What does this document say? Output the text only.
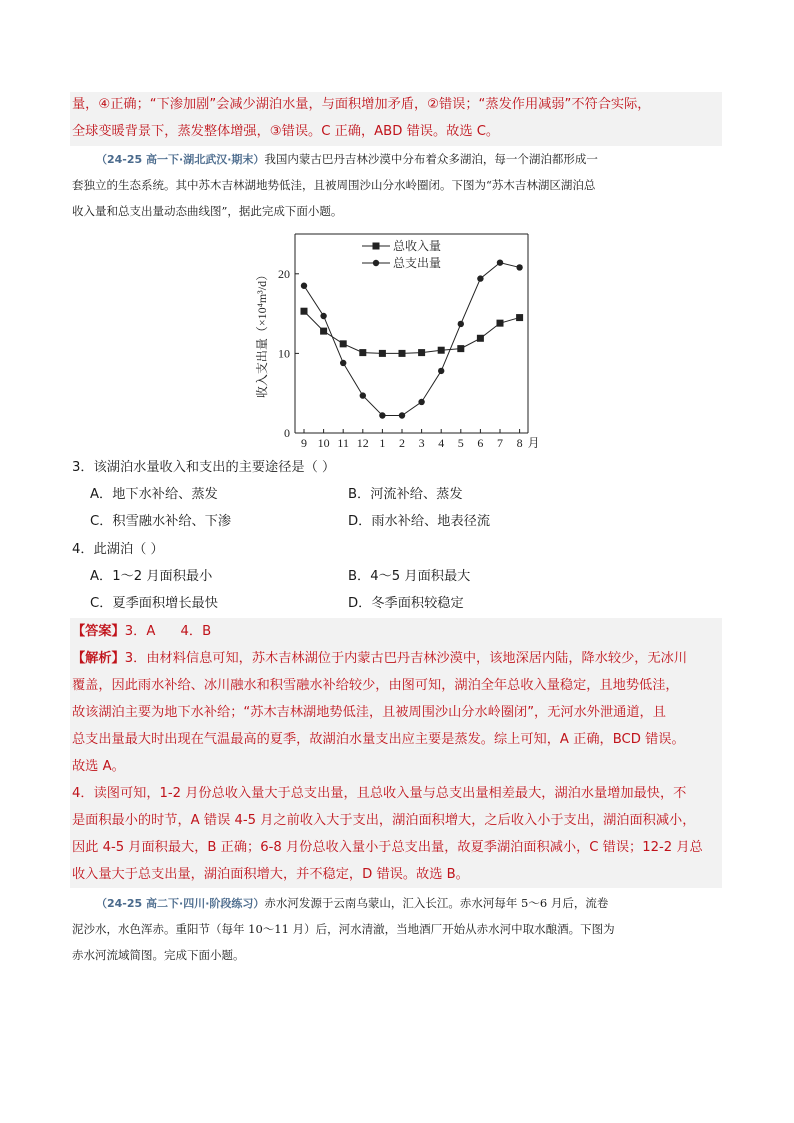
量，④正确；“下渗加剧”会减少湖泊水量，与面积增加矛盾，②错误；“蒸发作用减弱”不符合实际，
全球变暖背景下，蒸发整体增强，③错误。C 正确，ABD 错误。故选 C。
（24-25 高一下·湖北武汉·期末）我国内蒙古巴丹吉林沙漠中分布着众多湖泊，每一个湖泊都形成一
套独立的生态系统。其中苏木吉林湖地势低洼，且被周围沙山分水岭圈闭。下图为“苏木吉林湖区湖泊总
收入量和总支出量动态曲线图”，据此完成下面小题。
0
10
20
9 10 11 12 1 2 3 4 5 6 7 8 月
收入支出量（×10⁴m³/d）
总收入量
总支出量
3．该湖泊水量收入和支出的主要途径是（ ）
A．地下水补给、蒸发	B．河流补给、蒸发
C．积雪融水补给、下渗	D．雨水补给、地表径流
4．此湖泊（ ）
A．1～2 月面积最小	B．4～5 月面积最大
C．夏季面积增长最快	D．冬季面积较稳定
【答案】3．A      4．B
【解析】3．由材料信息可知，苏木吉林湖位于内蒙古巴丹吉林沙漠中，该地深居内陆，降水较少，无冰川
覆盖，因此雨水补给、冰川融水和积雪融水补给较少，由图可知，湖泊全年总收入量稳定，且地势低洼，
故该湖泊主要为地下水补给；“苏木吉林湖地势低洼，且被周围沙山分水岭圈闭”，无河水外泄通道，且
总支出量最大时出现在气温最高的夏季，故湖泊水量支出应主要是蒸发。综上可知，A 正确，BCD 错误。
故选 A。
4．读图可知，1-2 月份总收入量大于总支出量，且总收入量与总支出量相差最大，湖泊水量增加最快，不
是面积最小的时节，A 错误 4-5 月之前收入大于支出，湖泊面积增大，之后收入小于支出，湖泊面积减小，
因此 4-5 月面积最大，B 正确；6-8 月份总收入量小于总支出量，故夏季湖泊面积减小，C 错误；12-2 月总
收入量大于总支出量，湖泊面积增大，并不稳定，D 错误。故选 B。
（24-25 高二下·四川·阶段练习）赤水河发源于云南乌蒙山，汇入长江。赤水河每年 5～6 月后，流卷
泥沙水，水色浑赤。重阳节（每年 10～11 月）后，河水清澈，当地酒厂开始从赤水河中取水酿酒。下图为
赤水河流域简图。完成下面小题。
